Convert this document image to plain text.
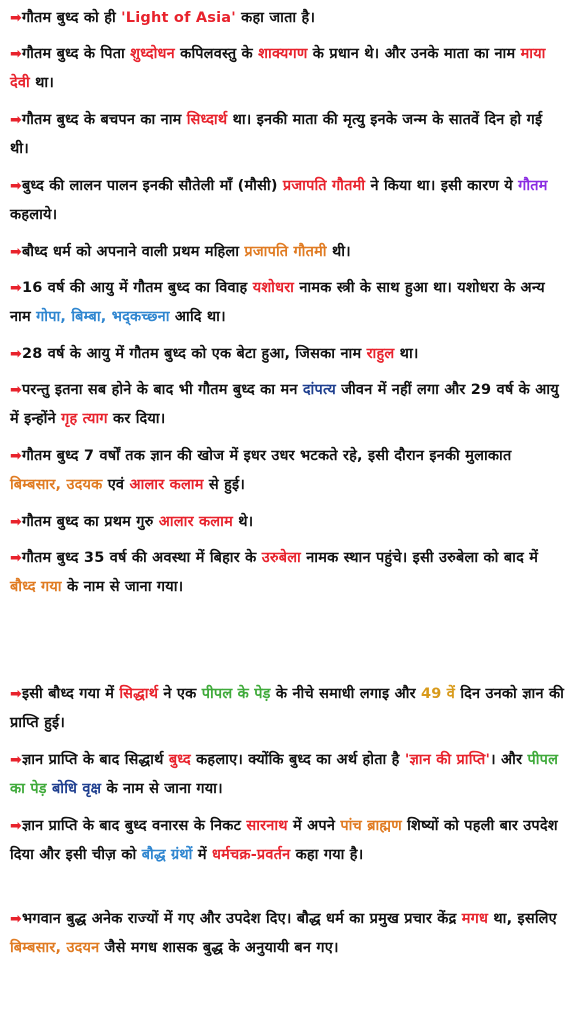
➡गौतम बुध्द को ही 'Light of Asia' कहा जाता है।
➡गौतम बुध्द के पिता शुध्दोधन कपिलवस्तु के शाक्यगण के प्रधान थे। और उनके माता का नाम माया देवी था।
➡गौतम बुध्द के बचपन का नाम सिध्दार्थ था। इनकी माता की मृत्यु इनके जन्म के सातवें दिन हो गई थी।
➡बुध्द की लालन पालन इनकी सौतेली माँ (मौसी) प्रजापति गौतमी ने किया था। इसी कारण ये गौतम कहलाये।
➡बौध्द धर्म को अपनाने वाली प्रथम महिला प्रजापति गौतमी थी।
➡16 वर्ष की आयु में गौतम बुध्द का विवाह यशोधरा नामक स्त्री के साथ हुआ था। यशोधरा के अन्य नाम गोपा, बिम्बा, भद्कच्छ्ना आदि था।
➡28 वर्ष के आयु में गौतम बुध्द को एक बेटा हुआ, जिसका नाम राहुल था।
➡परन्तु इतना सब होने के बाद भी गौतम बुध्द का मन दांपत्य जीवन में नहीं लगा और 29 वर्ष के आयु में इन्होंने गृह त्याग कर दिया।
➡गौतम बुध्द 7 वर्षों तक ज्ञान की खोज में इधर उधर भटकते रहे, इसी दौरान इनकी मुलाकात बिम्बसार, उदयक एवं आलार कलाम से हुई।
➡गौतम बुध्द का प्रथम गुरु आलार कलाम थे।
➡गौतम बुध्द 35 वर्ष की अवस्था में बिहार के उरुबेला नामक स्थान पहुंचे। इसी उरुबेला को बाद में बौध्द गया के नाम से जाना गया।
➡इसी बौध्द गया में सिद्धार्थ ने एक पीपल के पेड़ के नीचे समाधी लगाइ और 49 वें दिन उनको ज्ञान की प्राप्ति हुई।
➡ज्ञान प्राप्ति के बाद सिद्धार्थ बुध्द कहलाए। क्योंकि बुध्द का अर्थ होता है 'ज्ञान की प्राप्ति'। और पीपल का पेड़ बोधि वृक्ष के नाम से जाना गया।
➡ज्ञान प्राप्ति के बाद बुध्द वनारस के निकट सारनाथ में अपने पांच ब्राह्मण शिष्यों को पहली बार उपदेश दिया और इसी चीज़ को बौद्ध ग्रंथों में धर्मचक्र-प्रवर्तन कहा गया है।
➡भगवान बुद्ध अनेक राज्यों में गए और उपदेश दिए। बौद्ध धर्म का प्रमुख प्रचार केंद्र मगध था, इसलिए बिम्बसार, उदयन जैसे मगध शासक बुद्ध के अनुयायी बन गए।
